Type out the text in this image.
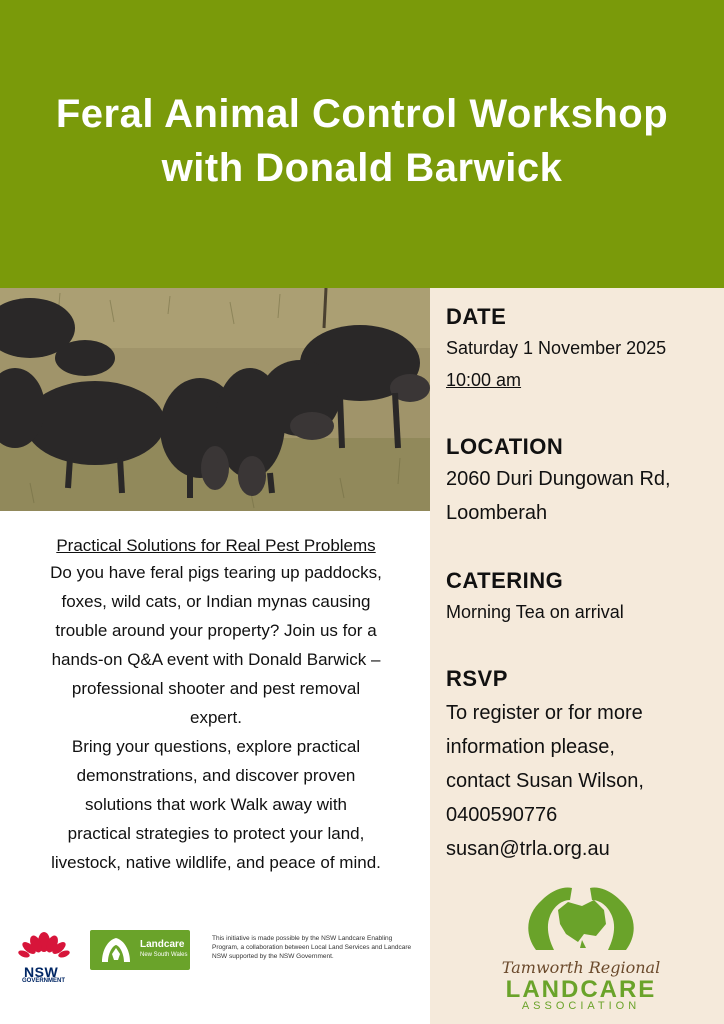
Feral Animal Control Workshop
with Donald Barwick
DATE
Saturday 1 November 2025
10:00 am
LOCATION
2060 Duri Dungowan Rd,
Loomberah
CATERING
Morning Tea on arrival
RSVP
To register or for more
information please,
contact Susan Wilson,
0400590776
susan@trla.org.au
Practical Solutions for Real Pest Problems
Do you have feral pigs tearing up paddocks,
foxes, wild cats, or Indian mynas causing
trouble around your property? Join us for a
hands-on Q&A event with Donald Barwick –
professional shooter and pest removal
expert.
Bring your questions, explore practical
demonstrations, and discover proven
solutions that work Walk away with
practical strategies to protect your land,
livestock, native wildlife, and peace of mind.
NSW
GOVERNMENT
Landcare
New South Wales
This initiative is made possible by the NSW Landcare Enabling Program, a collaboration between Local Land Services and Landcare NSW supported by the NSW Government.
Tamworth Regional
LANDCARE
ASSOCIATION
